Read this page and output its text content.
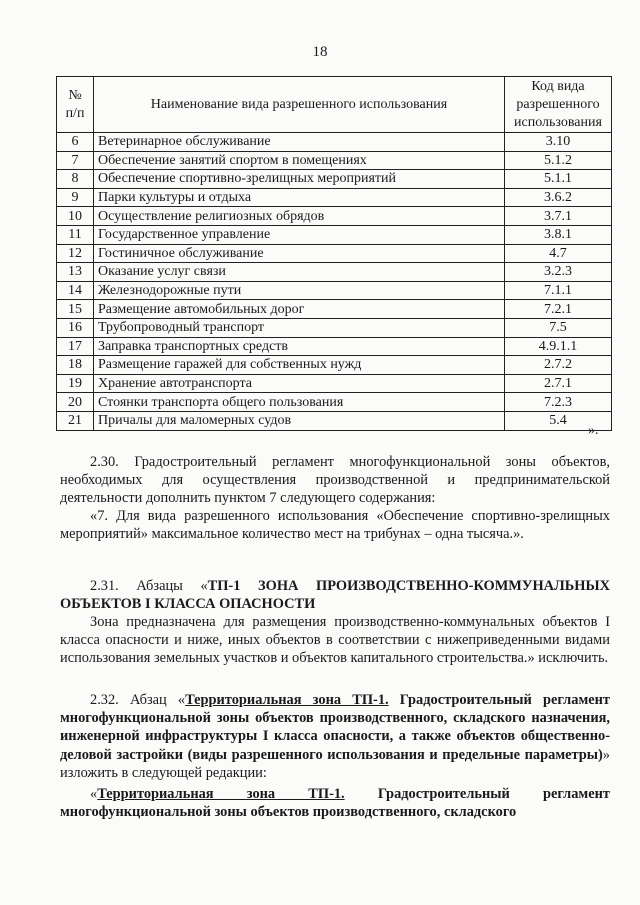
18
№ п/п	Наименование вида разрешенного использования	Код вида разрешенного использования
6	Ветеринарное обслуживание	3.10
7	Обеспечение занятий спортом в помещениях	5.1.2
8	Обеспечение спортивно-зрелищных мероприятий	5.1.1
9	Парки культуры и отдыха	3.6.2
10	Осуществление религиозных обрядов	3.7.1
11	Государственное управление	3.8.1
12	Гостиничное обслуживание	4.7
13	Оказание услуг связи	3.2.3
14	Железнодорожные пути	7.1.1
15	Размещение автомобильных дорог	7.2.1
16	Трубопроводный транспорт	7.5
17	Заправка транспортных средств	4.9.1.1
18	Размещение гаражей для собственных нужд	2.7.2
19	Хранение автотранспорта	2.7.1
20	Стоянки транспорта общего пользования	7.2.3
21	Причалы для маломерных судов	5.4
».

2.30. Градостроительный регламент многофункциональной зоны объектов, необходимых для осуществления производственной и предпринимательской деятельности дополнить пунктом 7 следующего содержания:

«7. Для вида разрешенного использования «Обеспечение спортивно-зрелищных мероприятий» максимальное количество мест на трибунах – одна тысяча.».

2.31. Абзацы «ТП-1 ЗОНА ПРОИЗВОДСТВЕННО-КОММУНАЛЬНЫХ ОБЪЕКТОВ I КЛАССА ОПАСНОСТИ

Зона предназначена для размещения производственно-коммунальных объектов I класса опасности и ниже, иных объектов в соответствии с нижеприведенными видами использования земельных участков и объектов капитального строительства.» исключить.

2.32. Абзац «Территориальная зона ТП-1. Градостроительный регламент многофункциональной зоны объектов производственного, складского назначения, инженерной инфраструктуры I класса опасности, а также объектов общественно-деловой застройки (виды разрешенного использования и предельные параметры)» изложить в следующей редакции:

«Территориальная зона ТП-1. Градостроительный регламент многофункциональной зоны объектов производственного, складского
